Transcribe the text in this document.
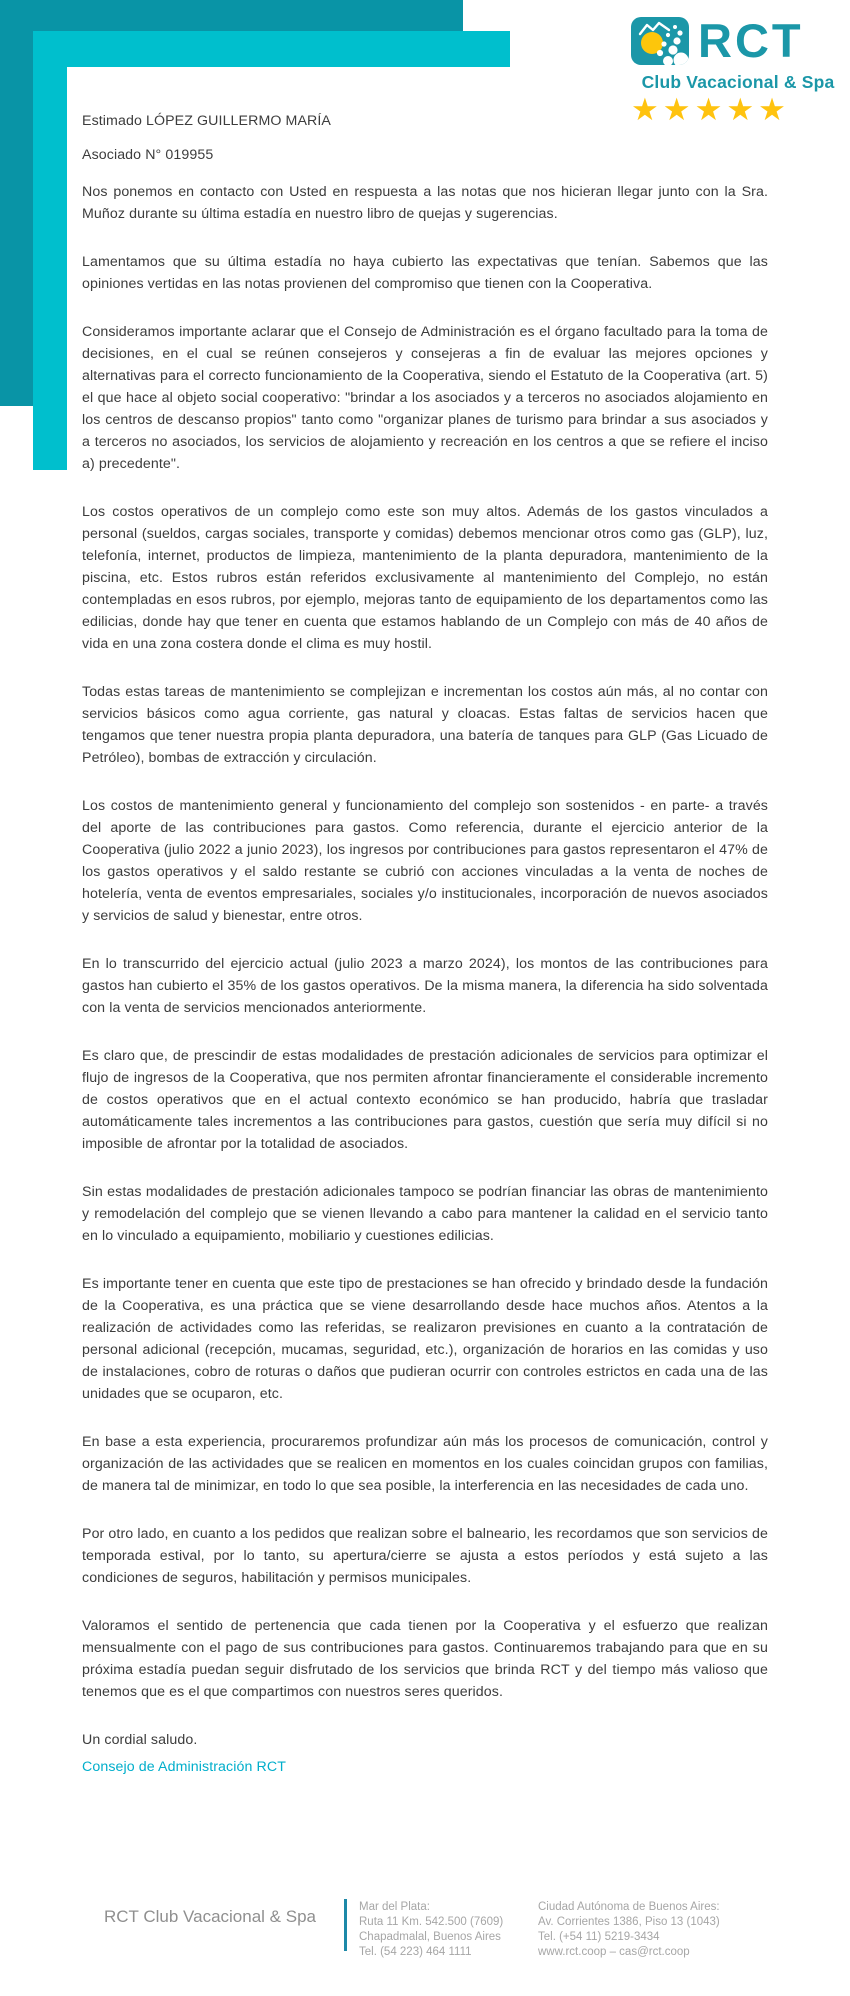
RCT
Club Vacacional & Spa
★★★★★
Estimado LÓPEZ GUILLERMO MARÍA
Asociado N° 019955

Nos ponemos en contacto con Usted en respuesta a las notas que nos hicieran llegar junto con la Sra. Muñoz durante su última estadía en nuestro libro de quejas y sugerencias.

Lamentamos que su última estadía no haya cubierto las expectativas que tenían. Sabemos que las opiniones vertidas en las notas provienen del compromiso que tienen con la Cooperativa.

Consideramos importante aclarar que el Consejo de Administración es el órgano facultado para la toma de decisiones, en el cual se reúnen consejeros y consejeras a fin de evaluar las mejores opciones y alternativas para el correcto funcionamiento de la Cooperativa, siendo el Estatuto de la Cooperativa (art. 5) el que hace al objeto social cooperativo: "brindar a los asociados y a terceros no asociados alojamiento en los centros de descanso propios" tanto como "organizar planes de turismo para brindar a sus asociados y a terceros no asociados, los servicios de alojamiento y recreación en los centros a que se refiere el inciso a) precedente".

Los costos operativos de un complejo como este son muy altos. Además de los gastos vinculados a personal (sueldos, cargas sociales, transporte y comidas) debemos mencionar otros como gas (GLP), luz, telefonía, internet, productos de limpieza, mantenimiento de la planta depuradora, mantenimiento de la piscina, etc. Estos rubros están referidos exclusivamente al mantenimiento del Complejo, no están contempladas en esos rubros, por ejemplo, mejoras tanto de equipamiento de los departamentos como las edilicias, donde hay que tener en cuenta que estamos hablando de un Complejo con más de 40 años de vida en una zona costera donde el clima es muy hostil.

Todas estas tareas de mantenimiento se complejizan e incrementan los costos aún más, al no contar con servicios básicos como agua corriente, gas natural y cloacas. Estas faltas de servicios hacen que tengamos que tener nuestra propia planta depuradora, una batería de tanques para GLP (Gas Licuado de Petróleo), bombas de extracción y circulación.

Los costos de mantenimiento general y funcionamiento del complejo son sostenidos - en parte- a través del aporte de las contribuciones para gastos. Como referencia, durante el ejercicio anterior de la Cooperativa (julio 2022 a junio 2023), los ingresos por contribuciones para gastos representaron el 47% de los gastos operativos y el saldo restante se cubrió con acciones vinculadas a la venta de noches de hotelería, venta de eventos empresariales, sociales y/o institucionales, incorporación de nuevos asociados y servicios de salud y bienestar, entre otros.

En lo transcurrido del ejercicio actual (julio 2023 a marzo 2024), los montos de las contribuciones para gastos han cubierto el 35% de los gastos operativos. De la misma manera, la diferencia ha sido solventada con la venta de servicios mencionados anteriormente.

Es claro que, de prescindir de estas modalidades de prestación adicionales de servicios para optimizar el flujo de ingresos de la Cooperativa, que nos permiten afrontar financieramente el considerable incremento de costos operativos que en el actual contexto económico se han producido, habría que trasladar automáticamente tales incrementos a las contribuciones para gastos, cuestión que sería muy difícil si no imposible de afrontar por la totalidad de asociados.

Sin estas modalidades de prestación adicionales tampoco se podrían financiar las obras de mantenimiento y remodelación del complejo que se vienen llevando a cabo para mantener la calidad en el servicio tanto en lo vinculado a equipamiento, mobiliario y cuestiones edilicias.

Es importante tener en cuenta que este tipo de prestaciones se han ofrecido y brindado desde la fundación de la Cooperativa, es una práctica que se viene desarrollando desde hace muchos años. Atentos a la realización de actividades como las referidas, se realizaron previsiones en cuanto a la contratación de personal adicional (recepción, mucamas, seguridad, etc.), organización de horarios en las comidas y uso de instalaciones, cobro de roturas o daños que pudieran ocurrir con controles estrictos en cada una de las unidades que se ocuparon, etc.

En base a esta experiencia, procuraremos profundizar aún más los procesos de comunicación, control y organización de las actividades que se realicen en momentos en los cuales coincidan grupos con familias, de manera tal de minimizar, en todo lo que sea posible, la interferencia en las necesidades de cada uno.

Por otro lado, en cuanto a los pedidos que realizan sobre el balneario, les recordamos que son servicios de temporada estival, por lo tanto, su apertura/cierre se ajusta a estos períodos y está sujeto a las condiciones de seguros, habilitación y permisos municipales.

Valoramos el sentido de pertenencia que cada tienen por la Cooperativa y el esfuerzo que realizan mensualmente con el pago de sus contribuciones para gastos. Continuaremos trabajando para que en su próxima estadía puedan seguir disfrutado de los servicios que brinda RCT y del tiempo más valioso que tenemos que es el que compartimos con nuestros seres queridos.

Un cordial saludo.

Consejo de Administración RCT

RCT Club Vacacional & Spa	Mar del Plata:
Ruta 11 Km. 542.500 (7609)
Chapadmalal, Buenos Aires
Tel. (54 223) 464 1111
Ciudad Autónoma de Buenos Aires:
Av. Corrientes 1386, Piso 13 (1043)
Tel. (+54 11) 5219-3434
www.rct.coop – cas@rct.coop
